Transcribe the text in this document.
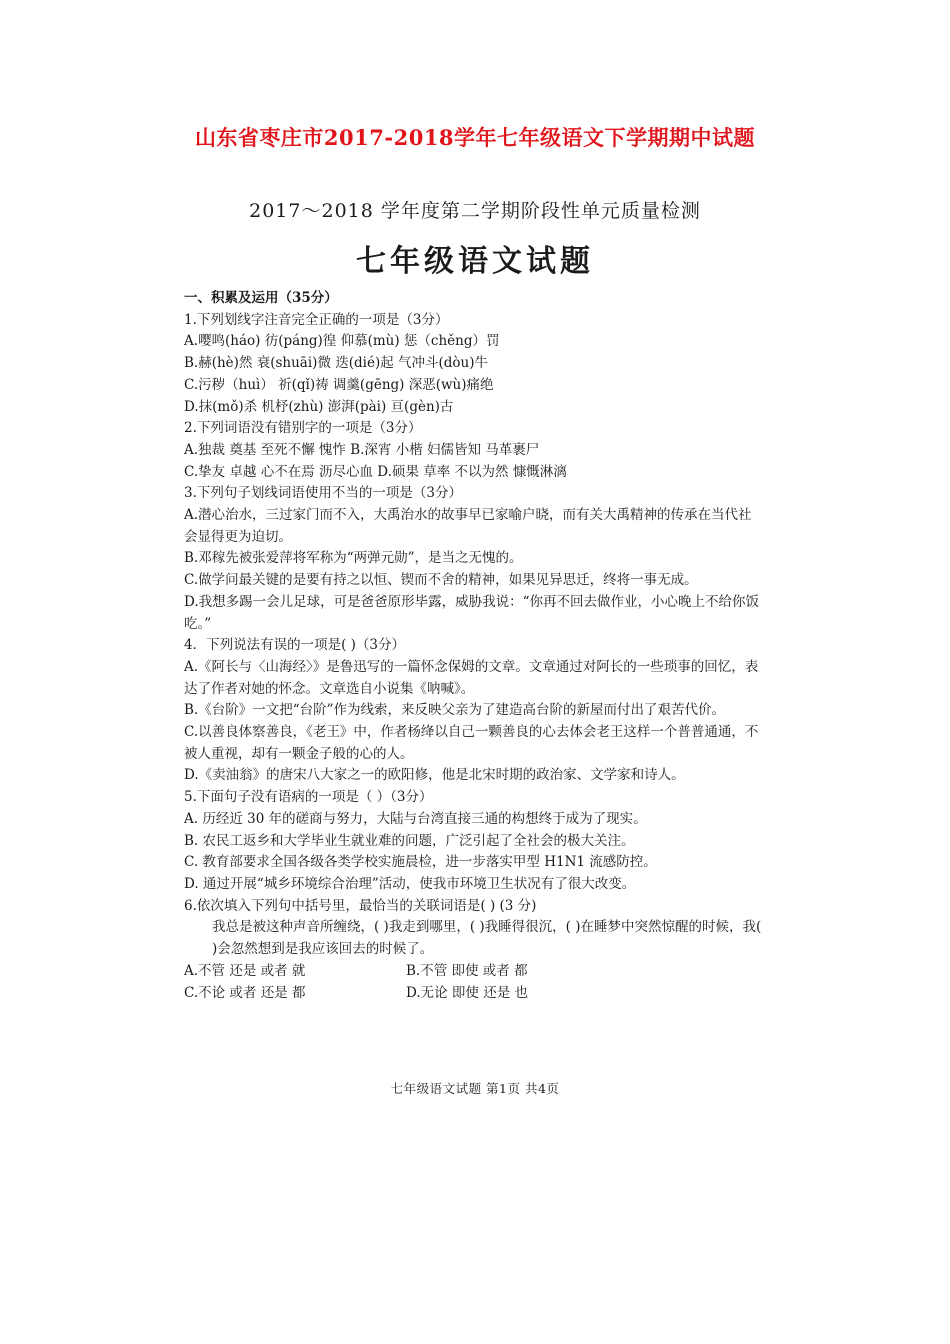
山东省枣庄市2017-2018学年七年级语文下学期期中试题
2017～2018 学年度第二学期阶段性单元质量检测
七年级语文试题
一、积累及运用（35分）
1.下列划线字注音完全正确的一项是（3分）
A.嘤鸣(háo) 彷(páng)徨 仰慕(mù) 惩（chěng）罚
B.赫(hè)然 衰(shuāi)微 迭(dié)起 气冲斗(dòu)牛
C.污秽（huì） 祈(qǐ)祷 调羹(gēng) 深恶(wù)痛绝
D.抹(mǒ)杀 机杼(zhù) 澎湃(pài) 亘(gèn)古
2.下列词语没有错别字的一项是（3分）
A.独裁 奠基 至死不懈 愧怍 B.深宵 小楷 妇儒皆知 马革裹尸
C.挚友 卓越 心不在焉 沥尽心血 D.硕果 草率 不以为然 慷慨淋漓
3.下列句子划线词语使用不当的一项是（3分）
A.潜心治水，三过家门而不入，大禹治水的故事早已家喻户晓，而有关大禹精神的传承在当代社会显得更为迫切。
B.邓稼先被张爱萍将军称为“两弹元勋”，是当之无愧的。
C.做学问最关键的是要有持之以恒、锲而不舍的精神，如果见异思迁，终将一事无成。
D.我想多踢一会儿足球，可是爸爸原形毕露，威胁我说：“你再不回去做作业，小心晚上不给你饭吃。”
4．下列说法有误的一项是( )（3分）
A.《阿长与〈山海经〉》是鲁迅写的一篇怀念保姆的文章。文章通过对阿长的一些琐事的回忆，表达了作者对她的怀念。文章选自小说集《呐喊》。
B.《台阶》一文把“台阶”作为线索，来反映父亲为了建造高台阶的新屋而付出了艰苦代价。
C.以善良体察善良，《老王》中，作者杨绛以自己一颗善良的心去体会老王这样一个普普通通，不被人重视，却有一颗金子般的心的人。
D.《卖油翁》的唐宋八大家之一的欧阳修，他是北宋时期的政治家、文学家和诗人。
5.下面句子没有语病的一项是（ ）（3分）
A. 历经近 30 年的磋商与努力，大陆与台湾直接三通的构想终于成为了现实。
B. 农民工返乡和大学毕业生就业难的问题，广泛引起了全社会的极大关注。
C. 教育部要求全国各级各类学校实施晨检，进一步落实甲型 H1N1 流感防控。
D. 通过开展“城乡环境综合治理”活动，使我市环境卫生状况有了很大改变。
6.依次填入下列句中括号里，最恰当的关联词语是( ) (3 分)
我总是被这种声音所缠绕，( )我走到哪里，( )我睡得很沉，( )在睡梦中突然惊醒的时候，我( )会忽然想到是我应该回去的时候了。
A.不管 还是 或者 就	B.不管 即使 或者 都
C.不论 或者 还是 都	D.无论 即使 还是 也
七年级语文试题 第1页 共4页
